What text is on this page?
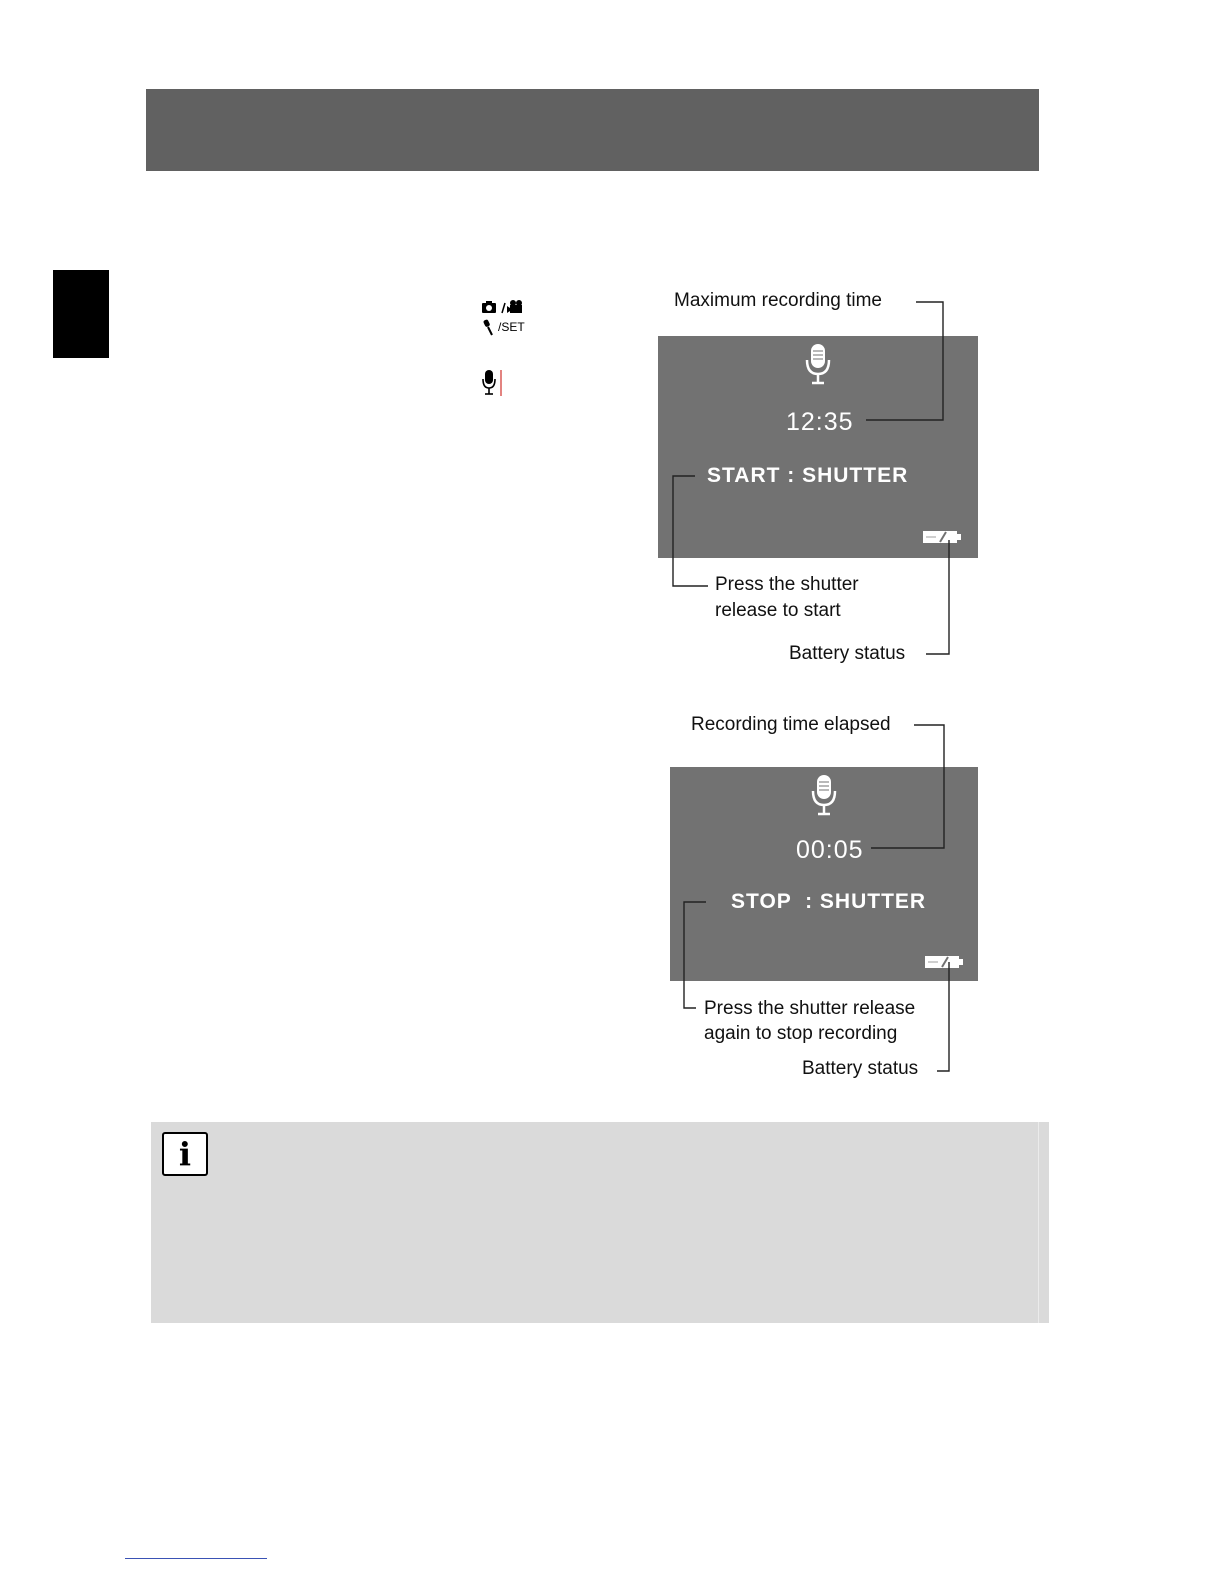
/SET
12:35
START : SHUTTER
Maximum recording time
Press the shutter
release to start
Battery status
00:05
STOP  : SHUTTER
Recording time elapsed
Press the shutter release
again to stop recording
Battery status
i
